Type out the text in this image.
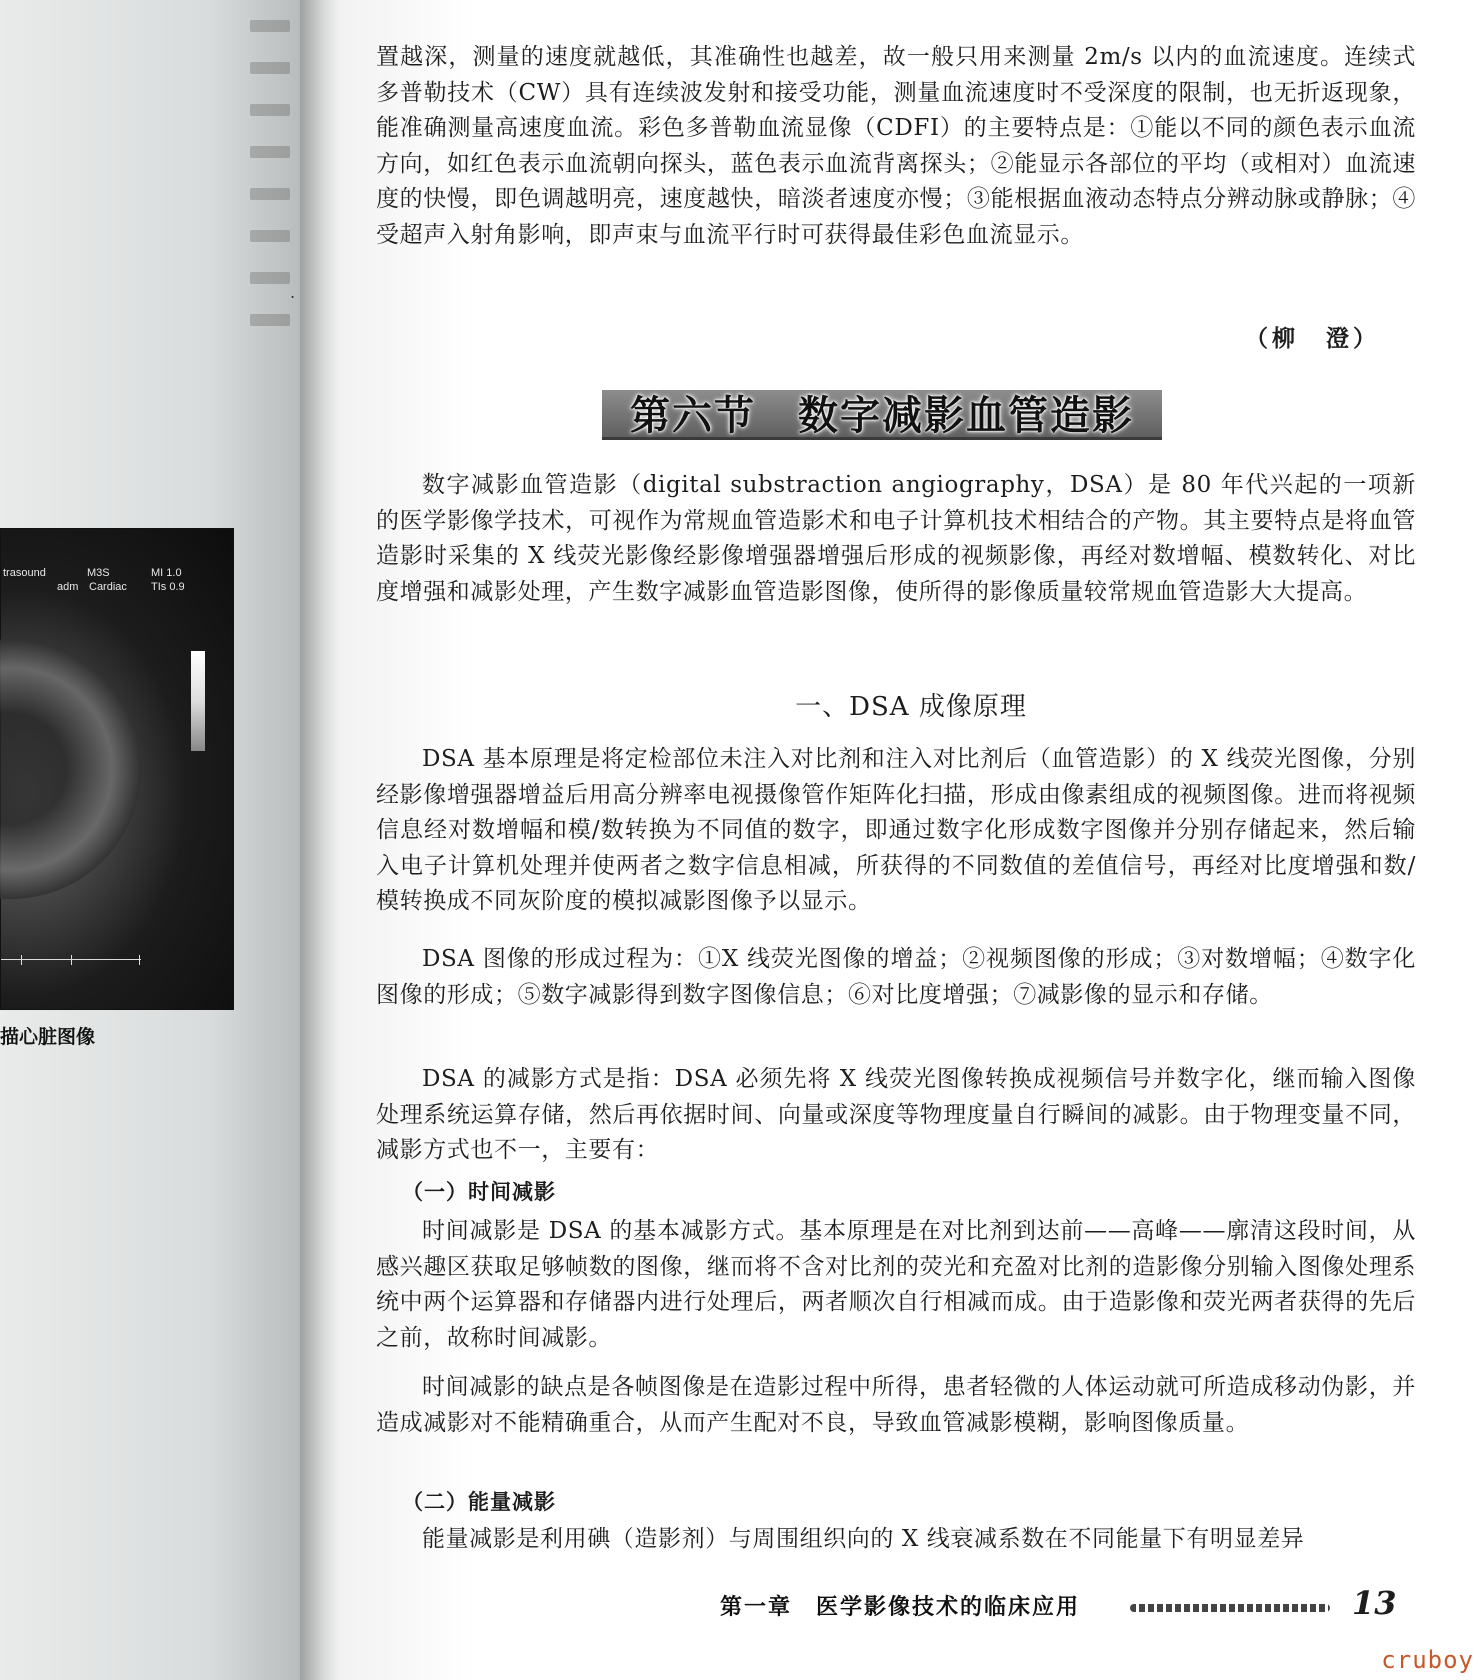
.
trasound	M3S	MI 1.0
adm Cardiac TIs 0.9
描心脏图像

置越深，测量的速度就越低，其准确性也越差，故一般只用来测量 2m/s 以内的血流速度。连续式多普勒技术（CW）具有连续波发射和接受功能，测量血流速度时不受深度的限制，也无折返现象，能准确测量高速度血流。彩色多普勒血流显像（CDFI）的主要特点是：①能以不同的颜色表示血流方向，如红色表示血流朝向探头，蓝色表示血流背离探头；②能显示各部位的平均（或相对）血流速度的快慢，即色调越明亮，速度越快，暗淡者速度亦慢；③能根据血液动态特点分辨动脉或静脉；④受超声入射角影响，即声束与血流平行时可获得最佳彩色血流显示。

（柳　澄）
第六节　数字减影血管造影

数字减影血管造影（digital substraction angiography，DSA）是 80 年代兴起的一项新的医学影像学技术，可视作为常规血管造影术和电子计算机技术相结合的产物。其主要特点是将血管造影时采集的 X 线荧光影像经影像增强器增强后形成的视频影像，再经对数增幅、模数转化、对比度增强和减影处理，产生数字减影血管造影图像，使所得的影像质量较常规血管造影大大提高。

一、DSA 成像原理

DSA 基本原理是将定检部位未注入对比剂和注入对比剂后（血管造影）的 X 线荧光图像，分别经影像增强器增益后用高分辨率电视摄像管作矩阵化扫描，形成由像素组成的视频图像。进而将视频信息经对数增幅和模/数转换为不同值的数字，即通过数字化形成数字图像并分别存储起来，然后输入电子计算机处理并使两者之数字信息相减，所获得的不同数值的差值信号，再经对比度增强和数/模转换成不同灰阶度的模拟减影图像予以显示。

DSA 图像的形成过程为：①X 线荧光图像的增益；②视频图像的形成；③对数增幅；④数字化图像的形成；⑤数字减影得到数字图像信息；⑥对比度增强；⑦减影像的显示和存储。

DSA 的减影方式是指：DSA 必须先将 X 线荧光图像转换成视频信号并数字化，继而输入图像处理系统运算存储，然后再依据时间、向量或深度等物理度量自行瞬间的减影。由于物理变量不同，减影方式也不一，主要有：

（一）时间减影

时间减影是 DSA 的基本减影方式。基本原理是在对比剂到达前——高峰——廓清这段时间，从感兴趣区获取足够帧数的图像，继而将不含对比剂的荧光和充盈对比剂的造影像分别输入图像处理系统中两个运算器和存储器内进行处理后，两者顺次自行相减而成。由于造影像和荧光两者获得的先后之前，故称时间减影。

时间减影的缺点是各帧图像是在造影过程中所得，患者轻微的人体运动就可所造成移动伪影，并造成减影对不能精确重合，从而产生配对不良，导致血管减影模糊，影响图像质量。

（二）能量减影

能量减影是利用碘（造影剂）与周围组织向的 X 线衰减系数在不同能量下有明显差异

第一章　医学影像技术的临床应用	13
cruboy
